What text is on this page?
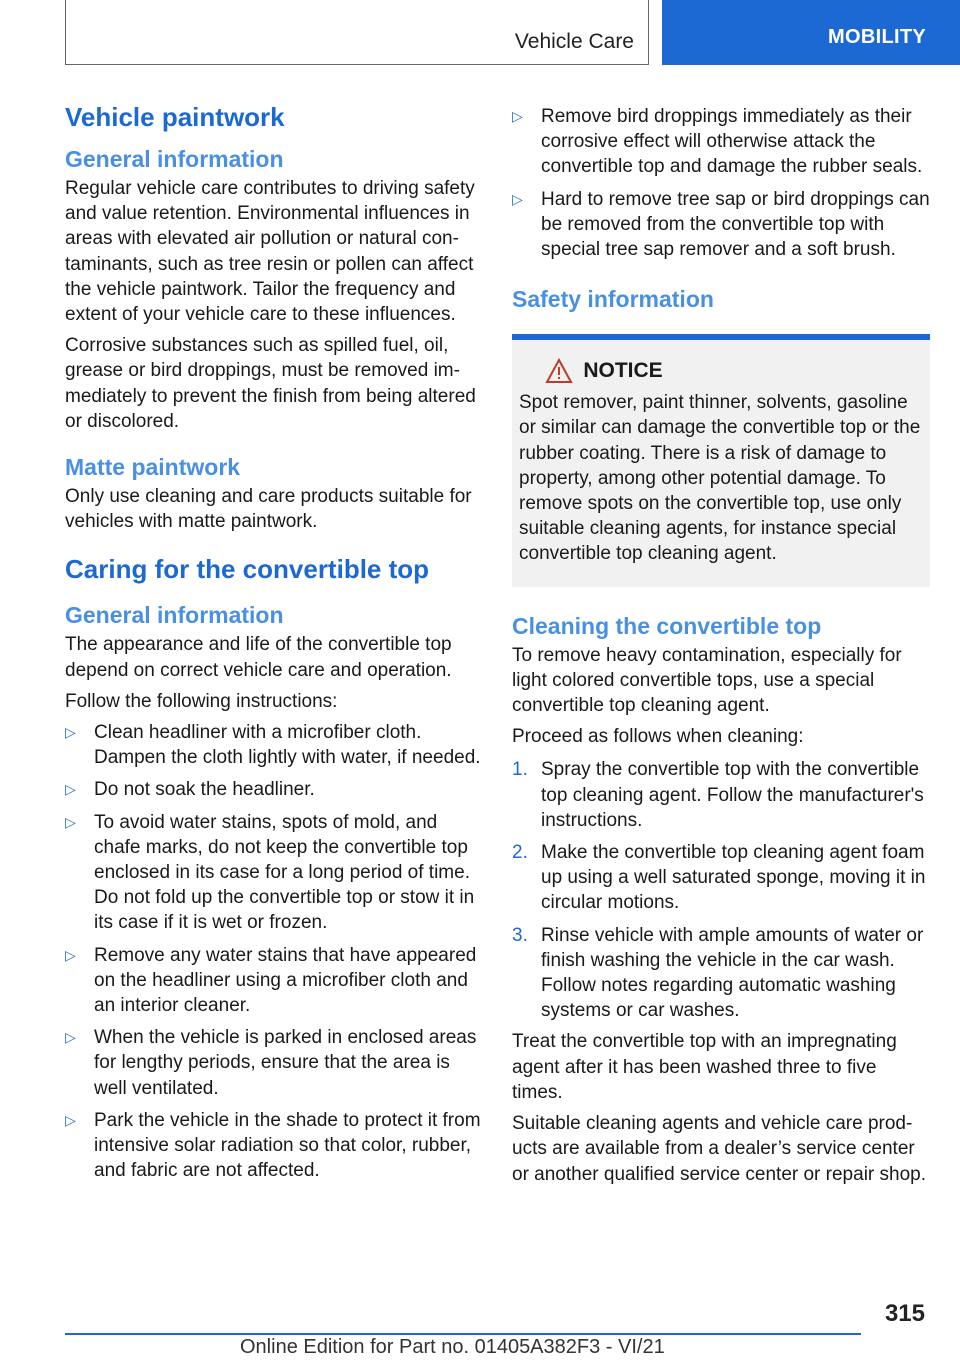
Vehicle Care	MOBILITY
Vehicle paintwork
General information

Regular vehicle care contributes to driving safety and value retention. Environmental influences in areas with elevated air pollution or natural contaminants, such as tree resin or pollen can affect the vehicle paintwork. Tailor the frequency and extent of your vehicle care to these influences.

Corrosive substances such as spilled fuel, oil, grease or bird droppings, must be removed immediately to prevent the finish from being altered or discolored.

Matte paintwork

Only use cleaning and care products suitable for vehicles with matte paintwork.

Caring for the convertible top
General information

The appearance and life of the convertible top depend on correct vehicle care and operation.

Follow the following instructions:

▷ Clean headliner with a microfiber cloth. Dampen the cloth lightly with water, if needed.
▷ Do not soak the headliner.
▷ To avoid water stains, spots of mold, and chafe marks, do not keep the convertible top enclosed in its case for a long period of time. Do not fold up the convertible top or stow it in its case if it is wet or frozen.
▷ Remove any water stains that have appeared on the headliner using a microfiber cloth and an interior cleaner.
▷ When the vehicle is parked in enclosed areas for lengthy periods, ensure that the area is well ventilated.
▷ Park the vehicle in the shade to protect it from intensive solar radiation so that color, rubber, and fabric are not affected.
▷ Remove bird droppings immediately as their corrosive effect will otherwise attack the convertible top and damage the rubber seals.
▷ Hard to remove tree sap or bird droppings can be removed from the convertible top with special tree sap remover and a soft brush.
Safety information
NOTICE

Spot remover, paint thinner, solvents, gasoline or similar can damage the convertible top or the rubber coating. There is a risk of damage to property, among other potential damage. To remove spots on the convertible top, use only suitable cleaning agents, for instance special convertible top cleaning agent.

Cleaning the convertible top

To remove heavy contamination, especially for light colored convertible tops, use a special convertible top cleaning agent.

Proceed as follows when cleaning:

1. Spray the convertible top with the convertible top cleaning agent. Follow the manufacturer's instructions.
2. Make the convertible top cleaning agent foam up using a well saturated sponge, moving it in circular motions.
3. Rinse vehicle with ample amounts of water or finish washing the vehicle in the car wash. Follow notes regarding automatic washing systems or car washes.

Treat the convertible top with an impregnating agent after it has been washed three to five times.

Suitable cleaning agents and vehicle care products are available from a dealer’s service center or another qualified service center or repair shop.

315
Online Edition for Part no. 01405A382F3 - VI/21
